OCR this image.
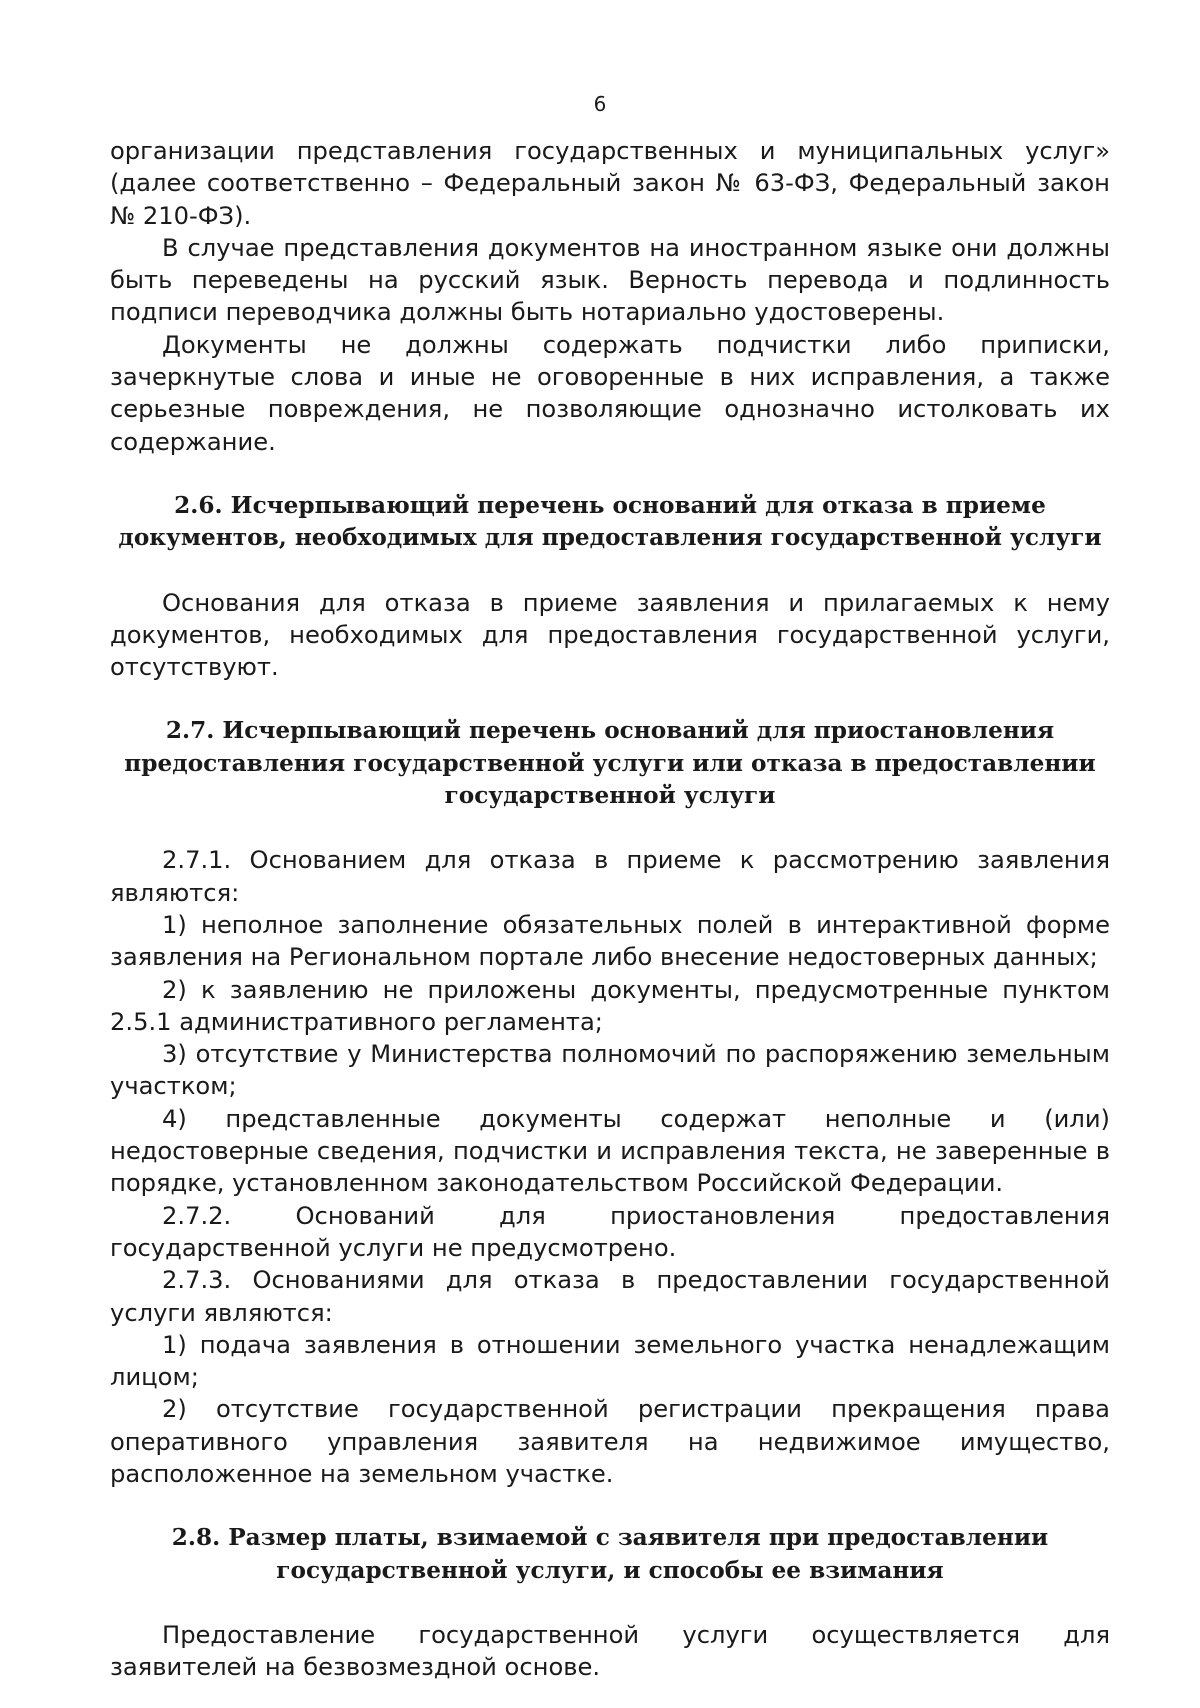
6

организации представления государственных и муниципальных услуг» (далее соответственно – Федеральный закон № 63-ФЗ, Федеральный закон № 210-ФЗ).

В случае представления документов на иностранном языке они должны быть переведены на русский язык. Верность перевода и подлинность подписи переводчика должны быть нотариально удостоверены.

Документы не должны содержать подчистки либо приписки, зачеркнутые слова и иные не оговоренные в них исправления, а также серьезные повреждения, не позволяющие однозначно истолковать их содержание.

2.6. Исчерпывающий перечень оснований для отказа в приеме
документов, необходимых для предоставления государственной услуги

Основания для отказа в приеме заявления и прилагаемых к нему документов, необходимых для предоставления государственной услуги, отсутствуют.

2.7. Исчерпывающий перечень оснований для приостановления
предоставления государственной услуги или отказа в предоставлении
государственной услуги

2.7.1. Основанием для отказа в приеме к рассмотрению заявления являются:

1) неполное заполнение обязательных полей в интерактивной форме заявления на Региональном портале либо внесение недостоверных данных;

2) к заявлению не приложены документы, предусмотренные пунктом 2.5.1 административного регламента;

3) отсутствие у Министерства полномочий по распоряжению земельным участком;

4) представленные документы содержат неполные и (или) недостоверные сведения, подчистки и исправления текста, не заверенные в порядке, установленном законодательством Российской Федерации.

2.7.2. Оснований для приостановления предоставления государственной услуги не предусмотрено.

2.7.3. Основаниями для отказа в предоставлении государственной услуги являются:

1) подача заявления в отношении земельного участка ненадлежащим лицом;

2) отсутствие государственной регистрации прекращения права оперативного управления заявителя на недвижимое имущество, расположенное на земельном участке.

2.8. Размер платы, взимаемой с заявителя при предоставлении
государственной услуги, и способы ее взимания

Предоставление государственной услуги осуществляется для заявителей на безвозмездной основе.
